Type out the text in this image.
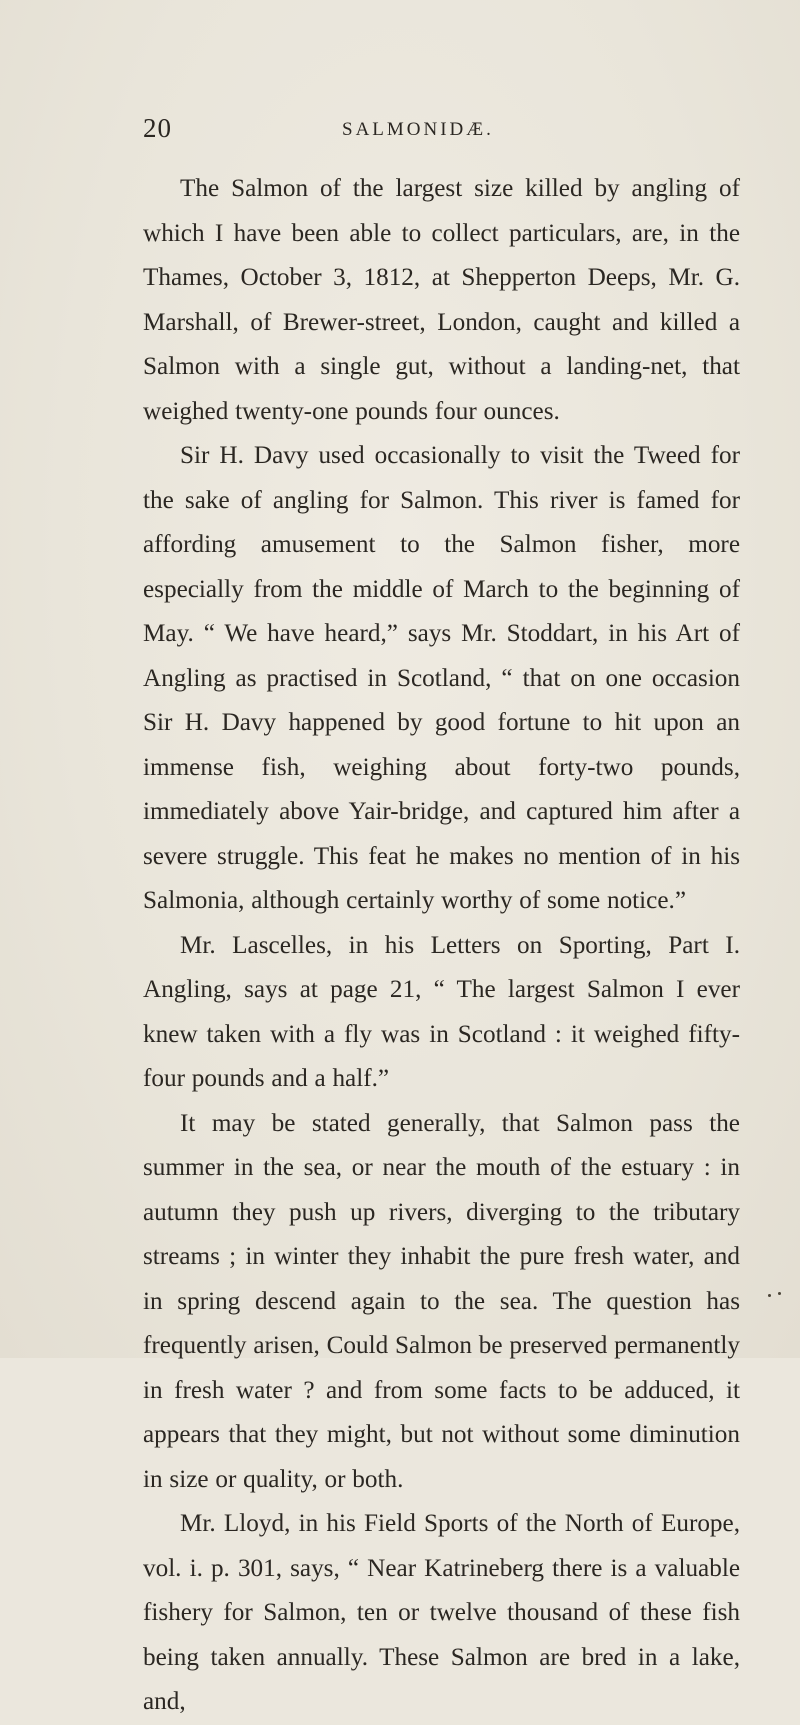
20	SALMONIDÆ.

The Salmon of the largest size killed by angling of which I have been able to collect particulars, are, in the Thames, October 3, 1812, at Shepperton Deeps, Mr. G. Marshall, of Brewer-street, London, caught and killed a Salmon with a single gut, without a landing-net, that weighed twenty-one pounds four ounces.

Sir H. Davy used occasionally to visit the Tweed for the sake of angling for Salmon. This river is famed for affording amusement to the Salmon fisher, more especially from the middle of March to the beginning of May. “ We have heard,” says Mr. Stoddart, in his Art of Angling as practised in Scotland, “ that on one occasion Sir H. Davy happened by good fortune to hit upon an immense fish, weighing about forty-two pounds, immediately above Yair-bridge, and captured him after a severe struggle. This feat he makes no mention of in his Salmonia, although certainly worthy of some notice.”

Mr. Lascelles, in his Letters on Sporting, Part I. Angling, says at page 21, “ The largest Salmon I ever knew taken with a fly was in Scotland : it weighed fifty-four pounds and a half.”

It may be stated generally, that Salmon pass the summer in the sea, or near the mouth of the estuary : in autumn they push up rivers, diverging to the tributary streams ; in winter they inhabit the pure fresh water, and in spring descend again to the sea. The question has frequently arisen, Could Salmon be preserved permanently in fresh water ? and from some facts to be adduced, it appears that they might, but not without some diminution in size or quality, or both.

Mr. Lloyd, in his Field Sports of the North of Europe, vol. i. p. 301, says, “ Near Katrineberg there is a valuable fishery for Salmon, ten or twelve thousand of these fish being taken annually. These Salmon are bred in a lake, and,
